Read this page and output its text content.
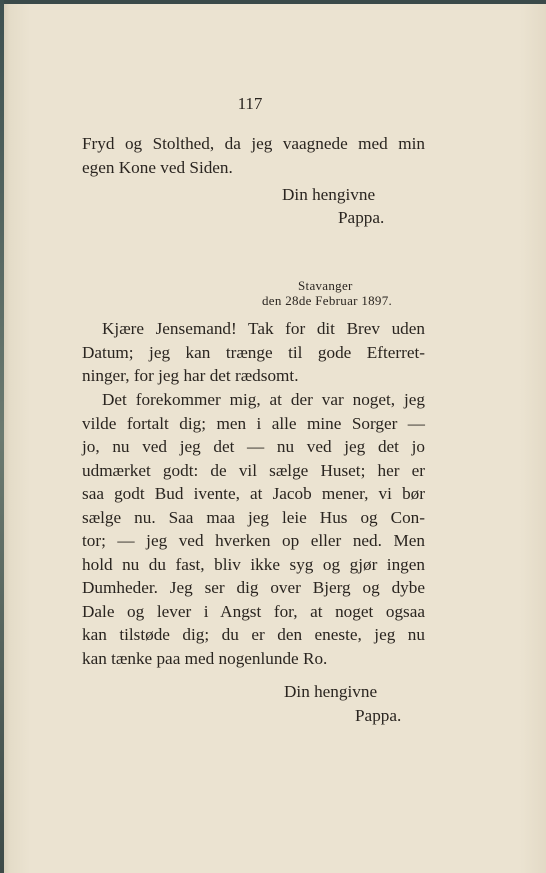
117
Fryd og Stolthed, da jeg vaagnede med min
egen Kone ved Siden.
Din hengivne
Pappa.
Stavanger
den 28de Februar 1897.
Kjære Jensemand! Tak for dit Brev uden
Datum; jeg kan trænge til gode Efterret-
ninger, for jeg har det rædsomt.
Det forekommer mig, at der var noget, jeg
vilde fortalt dig; men i alle mine Sorger —
jo, nu ved jeg det — nu ved jeg det jo
udmærket godt: de vil sælge Huset; her er
saa godt Bud ivente, at Jacob mener, vi bør
sælge nu. Saa maa jeg leie Hus og Con-
tor; — jeg ved hverken op eller ned. Men
hold nu du fast, bliv ikke syg og gjør ingen
Dumheder. Jeg ser dig over Bjerg og dybe
Dale og lever i Angst for, at noget ogsaa
kan tilstøde dig; du er den eneste, jeg nu
kan tænke paa med nogenlunde Ro.
Din hengivne
Pappa.
